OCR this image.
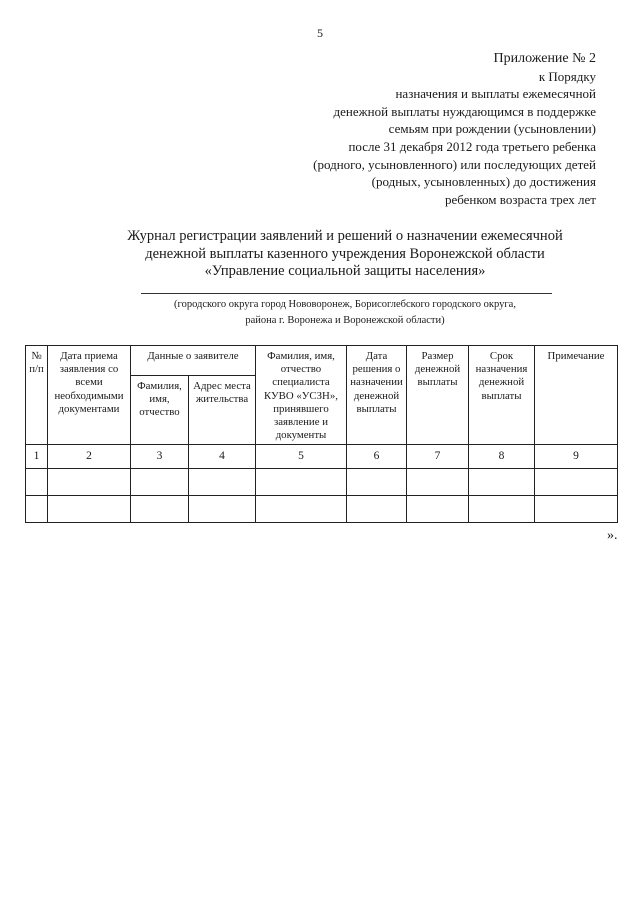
5
Приложение № 2
к Порядку
назначения и выплаты ежемесячной
денежной выплаты нуждающимся в поддержке
семьям при рождении (усыновлении)
после 31 декабря 2012 года третьего ребенка
(родного, усыновленного) или последующих детей
(родных, усыновленных) до достижения
ребенком возраста трех лет
Журнал регистрации заявлений и решений о назначении ежемесячной
денежной выплаты казенного учреждения Воронежской области
«Управление социальной защиты населения»
(городского округа город Нововоронеж, Борисоглебского городского округа,
района г. Воронежа и Воронежской области)
№ п/п	Дата приема заявления со всеми необходимыми документами	Данные о заявителе		Фамилия, имя, отчество специалиста КУВО «УСЗН», принявшего заявление и документы	Дата решения о назначении денежной выплаты	Размер денежной выплаты	Срок назначения денежной выплаты	Примечание
		Фамилия, имя, отчество	Адрес места жительства					
1	2	3	4	5	6	7	8	9

».
